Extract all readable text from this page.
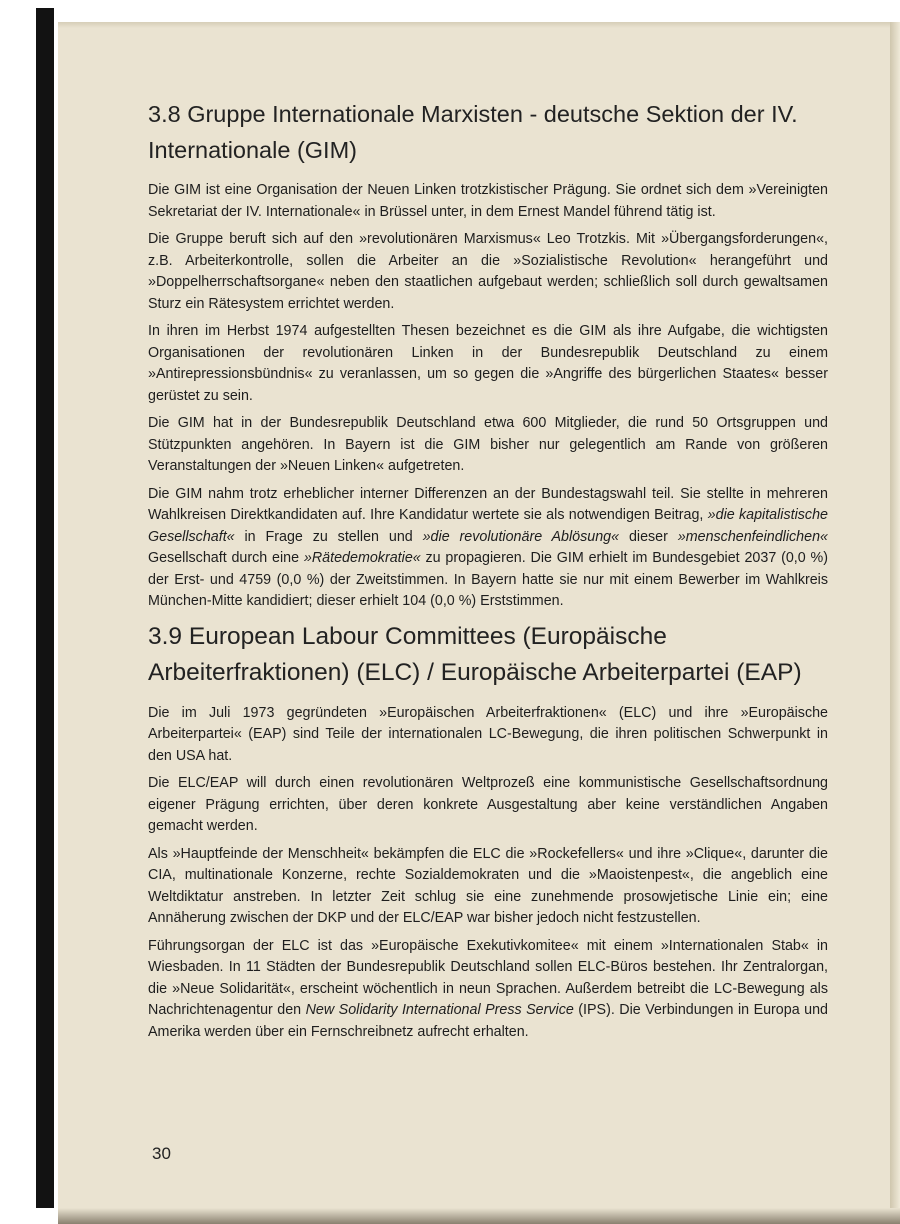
3.8 Gruppe Internationale Marxisten - deutsche Sektion der IV. Internationale (GIM)

Die GIM ist eine Organisation der Neuen Linken trotzkistischer Prägung. Sie ordnet sich dem »Vereinigten Sekretariat der IV. Internationale« in Brüssel unter, in dem Ernest Mandel führend tätig ist.

Die Gruppe beruft sich auf den »revolutionären Marxismus« Leo Trotzkis. Mit »Übergangsforderungen«, z.B. Arbeiterkontrolle, sollen die Arbeiter an die »Sozialistische Revolution« herangeführt und »Doppelherrschaftsorgane« neben den staatlichen aufgebaut werden; schließlich soll durch gewaltsamen Sturz ein Rätesystem errichtet werden.

In ihren im Herbst 1974 aufgestellten Thesen bezeichnet es die GIM als ihre Aufgabe, die wichtigsten Organisationen der revolutionären Linken in der Bundesrepublik Deutschland zu einem »Antirepressionsbündnis« zu veranlassen, um so gegen die »Angriffe des bürgerlichen Staates« besser gerüstet zu sein.

Die GIM hat in der Bundesrepublik Deutschland etwa 600 Mitglieder, die rund 50 Ortsgruppen und Stützpunkten angehören. In Bayern ist die GIM bisher nur gelegentlich am Rande von größeren Veranstaltungen der »Neuen Linken« aufgetreten.

Die GIM nahm trotz erheblicher interner Differenzen an der Bundestagswahl teil. Sie stellte in mehreren Wahlkreisen Direktkandidaten auf. Ihre Kandidatur wertete sie als notwendigen Beitrag, »die kapitalistische Gesellschaft« in Frage zu stellen und »die revolutionäre Ablösung« dieser »menschenfeindlichen« Gesellschaft durch eine »Rätedemokratie« zu propagieren. Die GIM erhielt im Bundesgebiet 2037 (0,0 %) der Erst- und 4759 (0,0 %) der Zweitstimmen. In Bayern hatte sie nur mit einem Bewerber im Wahlkreis München-Mitte kandidiert; dieser erhielt 104 (0,0 %) Erststimmen.

3.9 European Labour Committees (Europäische Arbeiterfraktionen) (ELC) / Europäische Arbeiterpartei (EAP)

Die im Juli 1973 gegründeten »Europäischen Arbeiterfraktionen« (ELC) und ihre »Europäische Arbeiterpartei« (EAP) sind Teile der internationalen LC-Bewegung, die ihren politischen Schwerpunkt in den USA hat.

Die ELC/EAP will durch einen revolutionären Weltprozeß eine kommunistische Gesellschaftsordnung eigener Prägung errichten, über deren konkrete Ausgestaltung aber keine verständlichen Angaben gemacht werden.

Als »Hauptfeinde der Menschheit« bekämpfen die ELC die »Rockefellers« und ihre »Clique«, darunter die CIA, multinationale Konzerne, rechte Sozialdemokraten und die »Maoistenpest«, die angeblich eine Weltdiktatur anstreben. In letzter Zeit schlug sie eine zunehmende prosowjetische Linie ein; eine Annäherung zwischen der DKP und der ELC/EAP war bisher jedoch nicht festzustellen.

Führungsorgan der ELC ist das »Europäische Exekutivkomitee« mit einem »Internationalen Stab« in Wiesbaden. In 11 Städten der Bundesrepublik Deutschland sollen ELC-Büros bestehen. Ihr Zentralorgan, die »Neue Solidarität«, erscheint wöchentlich in neun Sprachen. Außerdem betreibt die LC-Bewegung als Nachrichtenagentur den New Solidarity International Press Service (IPS). Die Verbindungen in Europa und Amerika werden über ein Fernschreibnetz aufrecht erhalten.

30
